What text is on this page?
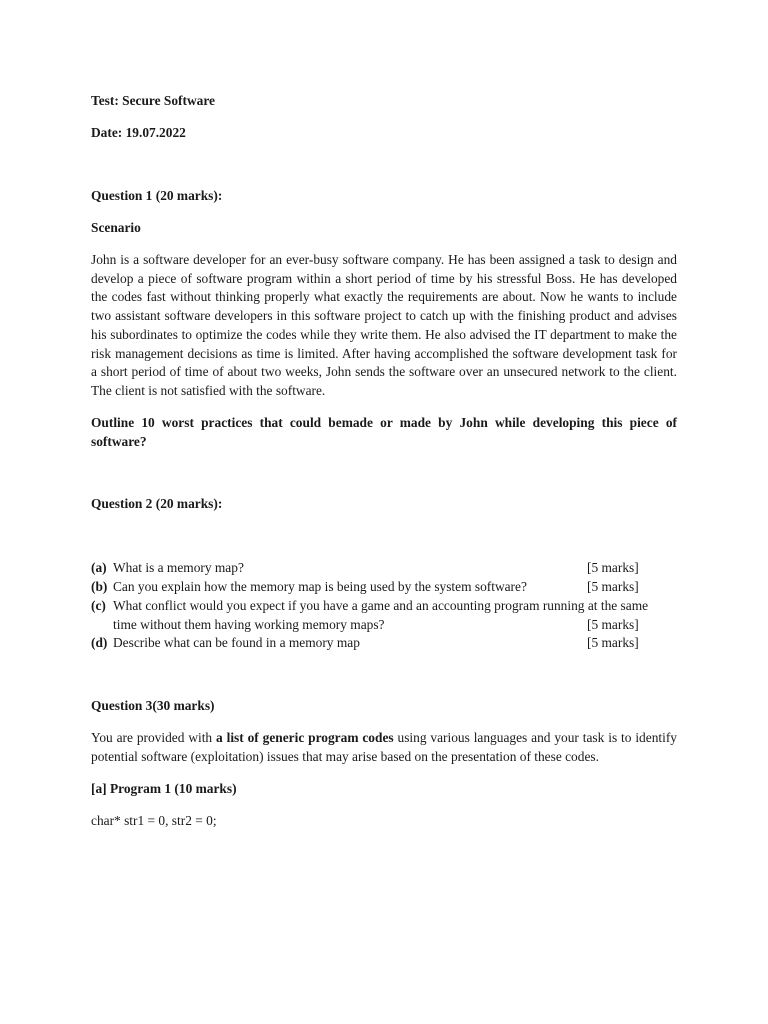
Test: Secure Software

Date: 19.07.2022

Question 1 (20 marks):

Scenario

John is a software developer for an ever-busy software company. He has been assigned a task to design and develop a piece of software program within a short period of time by his stressful Boss. He has developed the codes fast without thinking properly what exactly the requirements are about. Now he wants to include two assistant software developers in this software project to catch up with the finishing product and advises his subordinates to optimize the codes while they write them. He also advised the IT department to make the risk management decisions as time is limited. After having accomplished the software development task for a short period of time of about two weeks, John sends the software over an unsecured network to the client. The client is not satisfied with the software.

Outline 10 worst practices that could bemade or made by John while developing this piece of software?

Question 2 (20 marks):

(a) What is a memory map?	[5 marks]
(b) Can you explain how the memory map is being used by the system software?	[5 marks]
(c) What conflict would you expect if you have a game and an accounting program running at the same
time without them having working memory maps?	[5 marks]
(d) Describe what can be found in a memory map	[5 marks]

Question 3(30 marks)

You are provided with a list of generic program codes using various languages and your task is to identify potential software (exploitation) issues that may arise based on the presentation of these codes.

[a] Program 1 (10 marks)

char* str1 = 0, str2 = 0;
